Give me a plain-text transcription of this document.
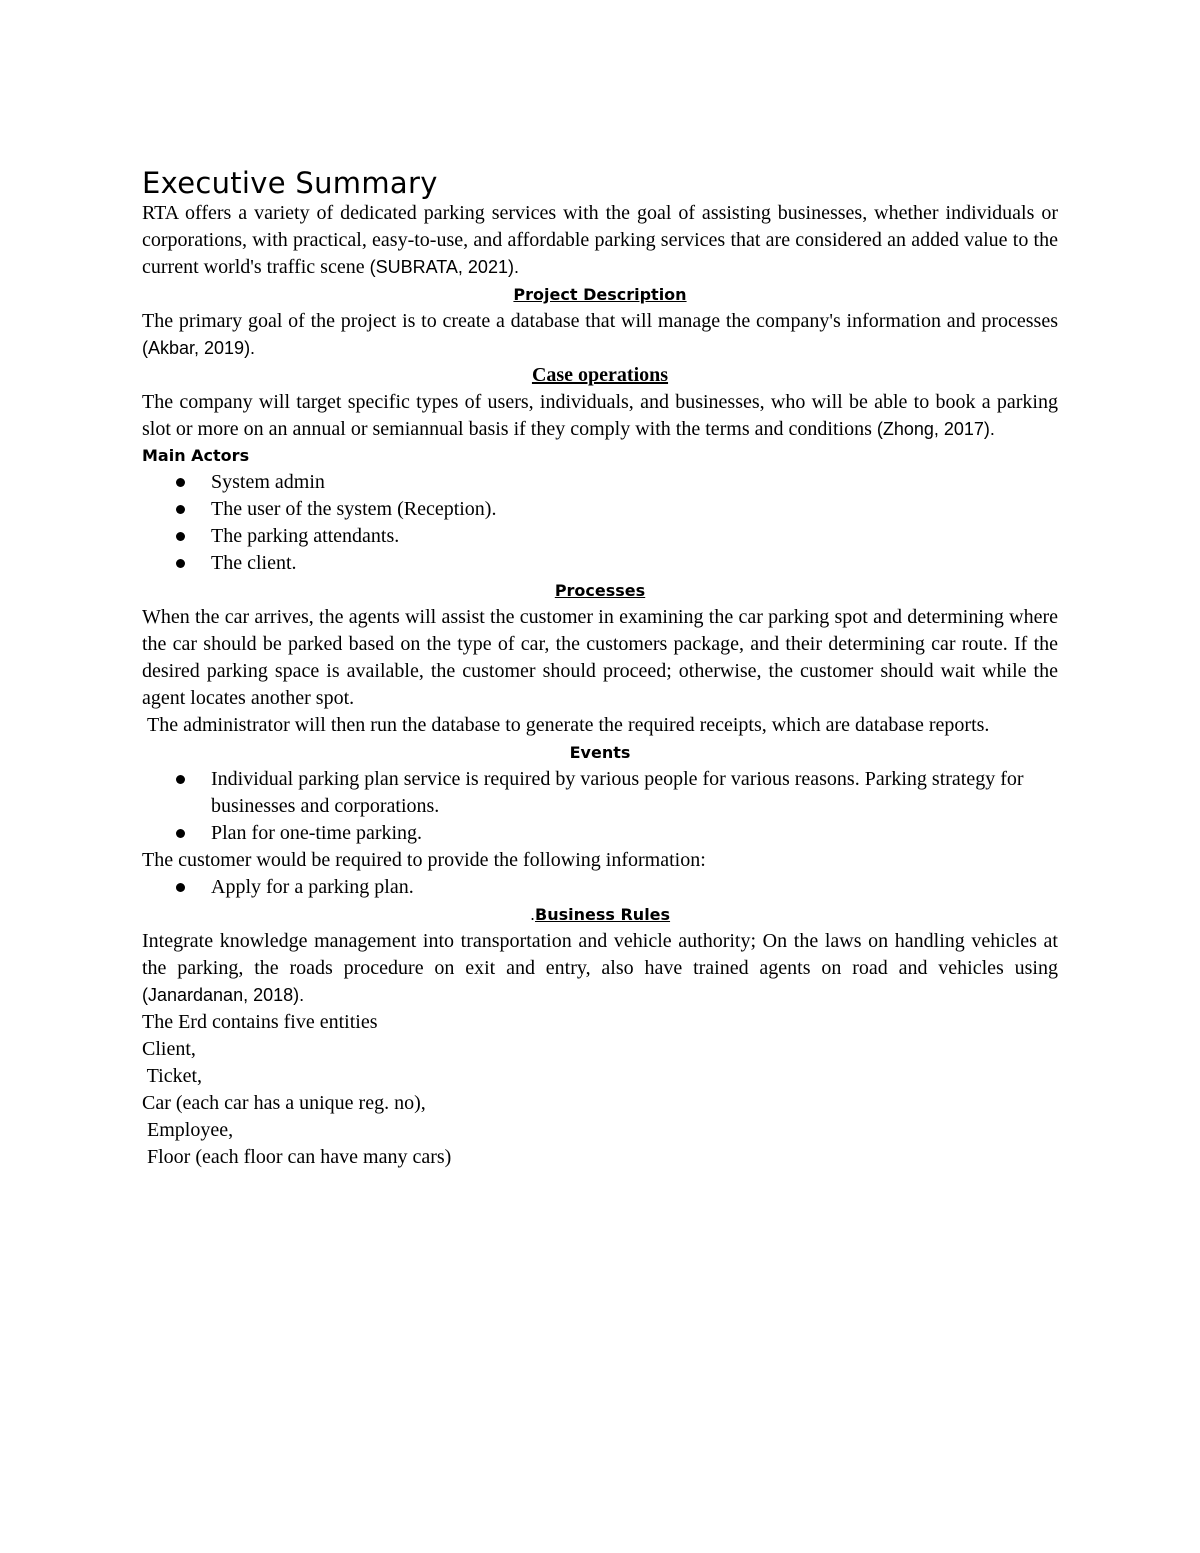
Executive Summary

RTA offers a variety of dedicated parking services with the goal of assisting businesses, whether individuals or corporations, with practical, easy-to-use, and affordable parking services that are considered an added value to the current world's traffic scene (SUBRATA, 2021).

Project Description

The primary goal of the project is to create a database that will manage the company's information and processes (Akbar, 2019).

Case operations

The company will target specific types of users, individuals, and businesses, who will be able to book a parking slot or more on an annual or semiannual basis if they comply with the terms and conditions (Zhong, 2017).

Main Actors
System admin
The user of the system (Reception).
The parking attendants.
The client.
Processes

When the car arrives, the agents will assist the customer in examining the car parking spot and determining where the car should be parked based on the type of car, the customers package, and their determining car route. If the desired parking space is available, the customer should proceed; otherwise, the customer should wait while the agent locates another spot.

The administrator will then run the database to generate the required receipts, which are database reports.

Events
Individual parking plan service is required by various people for various reasons. Parking strategy for businesses and corporations.
Plan for one-time parking.

The customer would be required to provide the following information:

Apply for a parking plan.
.Business Rules

Integrate knowledge management into transportation and vehicle authority; On the laws on handling vehicles at the parking, the roads procedure on exit and entry, also have trained agents on road and vehicles using (Janardanan, 2018).

The Erd contains five entities

Client,

Ticket,

Car (each car has a unique reg. no),

Employee,

Floor (each floor can have many cars)
